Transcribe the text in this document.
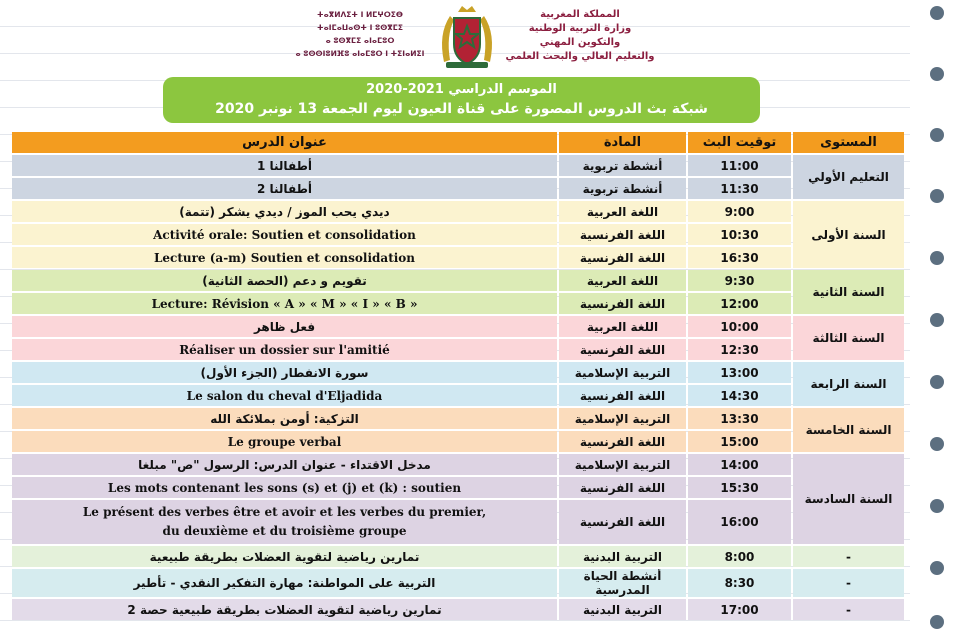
ⵜⴰⴳⵍⴷⵉⵜ ⵏ ⵍⵎⵖⵔⵉⴱ
ⵜⴰⵏⵎⴰⵡⴰⵙⵜ ⵏ ⵓⵙⴳⵎⵉ
ⴰ ⵓⵙⴳⵎⵉ ⴰⵏⴰⵎⵓⵔ
ⴰ ⵓⵙⵙⵏⵓⵍⴼⵓ ⴰⵏⴰⵎⵓⵔ ⵏ ⵜⵉⵏⴰⵍⵉⵏ
المملكة المغربية
وزارة التربية الوطنية
والتكوين المهني
والتعليم العالي والبحث العلمي
الموسم الدراسي 2021-2020
شبكة بث الدروس المصورة على قناة العيون ليوم الجمعة 13 نونبر 2020
عنوان الدرس	المادة	توقيت البث	المستوى
أطفالنا 1	أنشطة تربوية	11:00	التعليم الأولي
أطفالنا 2	أنشطة تربوية	11:30	
ديدي يحب الموز / ديدي يشكر (تتمة)	اللغة العربية	9:00	السنة الأولى
Activité orale: Soutien et consolidation	اللغة الفرنسية	10:30	
Lecture (a-m) Soutien et consolidation	اللغة الفرنسية	16:30	
تقويم و دعم (الحصة الثانية)	اللغة العربية	9:30	السنة الثانية
Lecture: Révision « A » « M » « I » « B »	اللغة الفرنسية	12:00	
فعل ظاهر	اللغة العربية	10:00	السنة الثالثة
Réaliser un dossier sur l'amitié	اللغة الفرنسية	12:30	
سورة الانفطار (الجزء الأول)	التربية الإسلامية	13:00	السنة الرابعة
Le salon du cheval d'Eljadida	اللغة الفرنسية	14:30	
التزكية: أومن بملائكة الله	التربية الإسلامية	13:30	السنة الخامسة
Le groupe verbal	اللغة الفرنسية	15:00	
مدخل الاقتداء - عنوان الدرس: الرسول "ص" مبلغا	التربية الإسلامية	14:00	السنة السادسة
Les mots contenant les sons (s) et (j) et (k) : soutien	اللغة الفرنسية	15:30	

Le présent des verbes être et avoir et les verbes du premier,
du deuxième et du troisième groupe	اللغة الفرنسية	16:00	
تمارين رياضية لتقوية العضلات بطريقة طبيعية	التربية البدنية	8:00	-
التربية على المواطنة: مهارة التفكير النقدي - تأطير	أنشطة الحياة المدرسية	8:30	-
تمارين رياضية لتقوية العضلات بطريقة طبيعية حصة 2	التربية البدنية	17:00	-
